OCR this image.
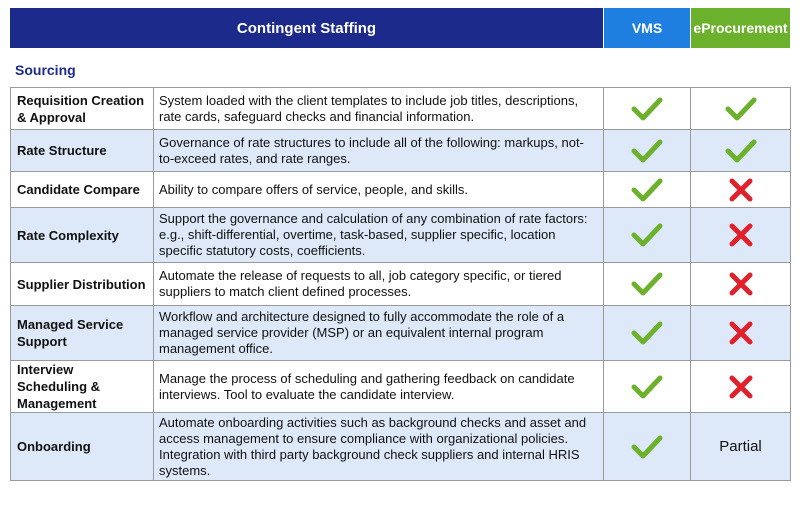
Contingent Staffing	VMS	eProcurement
Sourcing
Requisition Creation & Approval	System loaded with the client templates to include job titles, descriptions, rate cards, safeguard checks and financial information.		
Rate Structure	Governance of rate structures to include all of the following: markups, not-to-exceed rates, and rate ranges.		
Candidate Compare	Ability to compare offers of service, people, and skills.		
Rate Complexity	Support the governance and calculation of any combination of rate factors: e.g., shift-differential, overtime, task-based, supplier specific, location specific statutory costs, coefficients.		
Supplier Distribution	Automate the release of requests to all, job category specific, or tiered suppliers to match client defined processes.		
Managed Service Support	Workflow and architecture designed to fully accommodate the role of a managed service provider (MSP) or an equivalent internal program management office.		
Interview Scheduling & Management	Manage the process of scheduling and gathering feedback on candidate interviews. Tool to evaluate the candidate interview.		
Onboarding	Automate onboarding activities such as background checks and asset and access management to ensure compliance with organizational policies. Integration with third party background check suppliers and internal HRIS systems.		Partial
